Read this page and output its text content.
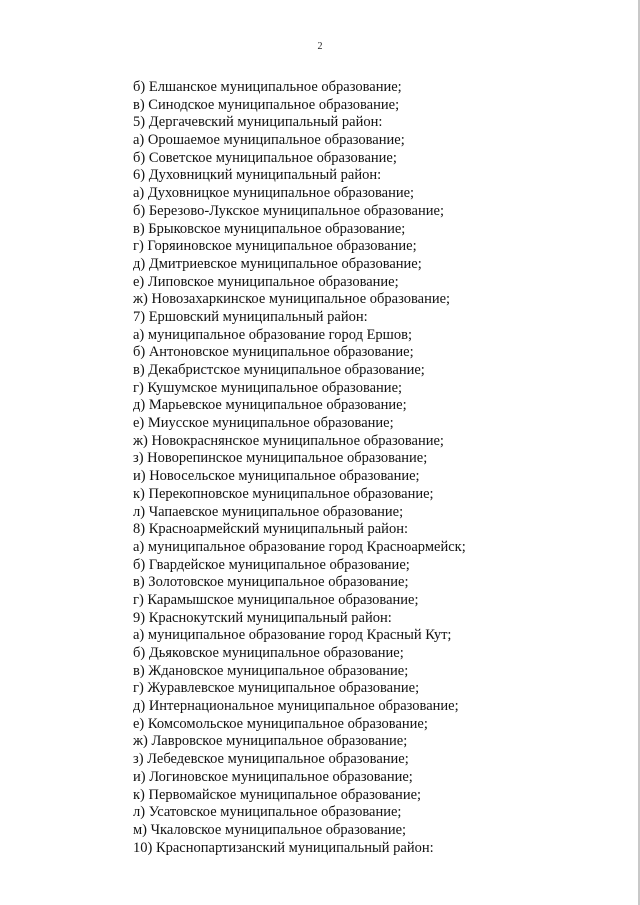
2
б) Елшанское муниципальное образование;
в) Синодское муниципальное образование;
5) Дергачевский муниципальный район:
а) Орошаемое муниципальное образование;
б) Советское муниципальное образование;
6) Духовницкий муниципальный район:
а) Духовницкое муниципальное образование;
б) Березово-Лукское муниципальное образование;
в) Брыковское муниципальное образование;
г) Горяиновское муниципальное образование;
д) Дмитриевское муниципальное образование;
е) Липовское муниципальное образование;
ж) Новозахаркинское муниципальное образование;
7) Ершовский муниципальный район:
а) муниципальное образование город Ершов;
б) Антоновское муниципальное образование;
в) Декабристское муниципальное образование;
г) Кушумское муниципальное образование;
д) Марьевское муниципальное образование;
е) Миусское муниципальное образование;
ж) Новокраснянское муниципальное образование;
з) Новорепинское муниципальное образование;
и) Новосельское муниципальное образование;
к) Перекопновское муниципальное образование;
л) Чапаевское муниципальное образование;
8) Красноармейский муниципальный район:
а) муниципальное образование город Красноармейск;
б) Гвардейское муниципальное образование;
в) Золотовское муниципальное образование;
г) Карамышское муниципальное образование;
9) Краснокутский муниципальный район:
а) муниципальное образование город Красный Кут;
б) Дьяковское муниципальное образование;
в) Ждановское муниципальное образование;
г) Журавлевское муниципальное образование;
д) Интернациональное муниципальное образование;
е) Комсомольское муниципальное образование;
ж) Лавровское муниципальное образование;
з) Лебедевское муниципальное образование;
и) Логиновское муниципальное образование;
к) Первомайское муниципальное образование;
л) Усатовское муниципальное образование;
м) Чкаловское муниципальное образование;
10) Краснопартизанский муниципальный район:
